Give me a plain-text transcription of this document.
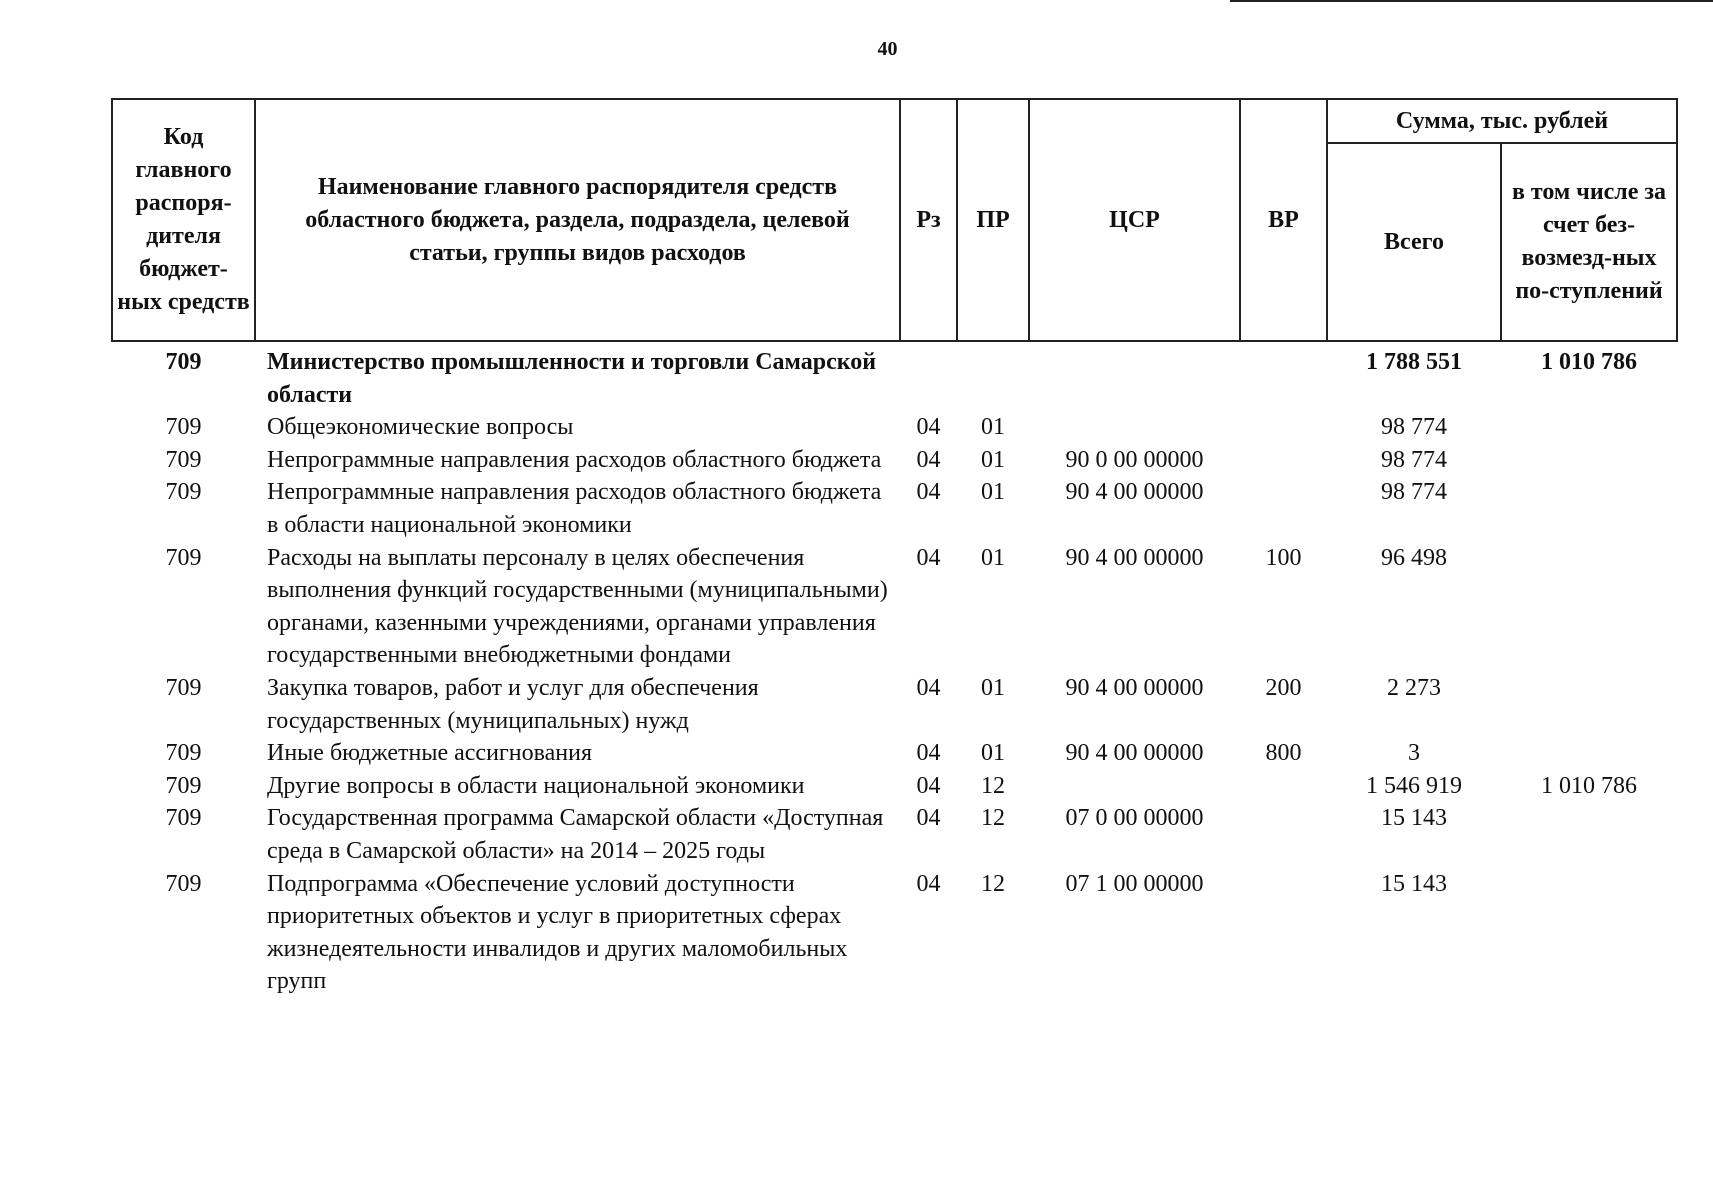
40
Код главного распоря-дителя бюджет-ных средств	Наименование главного распорядителя средств областного бюджета, раздела, подраздела, целевой статьи, группы видов расходов	Рз	ПР	ЦСР	ВР	Сумма, тыс. рублей	
						Всего	в том числе за счет без-возмезд-ных по-ступлений
709	Министерство промышленности и торговли Самарской области					1 788 551	1 010 786
709	Общеэкономические вопросы	04	01			98 774	
709	Непрограммные направления расходов областного бюджета	04	01	90 0 00 00000		98 774	
709	Непрограммные направления расходов областного бюджета в области национальной экономики	04	01	90 4 00 00000		98 774	
709	Расходы на выплаты персоналу в целях обеспечения выполнения функций государственными (муниципальными) органами, казенными учреждениями, органами управления государственными внебюджетными фондами	04	01	90 4 00 00000	100	96 498	
709	Закупка товаров, работ и услуг для обеспечения государственных (муниципальных) нужд	04	01	90 4 00 00000	200	2 273	
709	Иные бюджетные ассигнования	04	01	90 4 00 00000	800	3	
709	Другие вопросы в области национальной экономики	04	12			1 546 919	1 010 786
709	Государственная программа Самарской области «Доступная среда в Самарской области» на 2014 – 2025 годы	04	12	07 0 00 00000		15 143	
709	Подпрограмма «Обеспечение условий доступности приоритетных объектов и услуг в приоритетных сферах жизнедеятельности инвалидов и других маломобильных групп	04	12	07 1 00 00000		15 143	
